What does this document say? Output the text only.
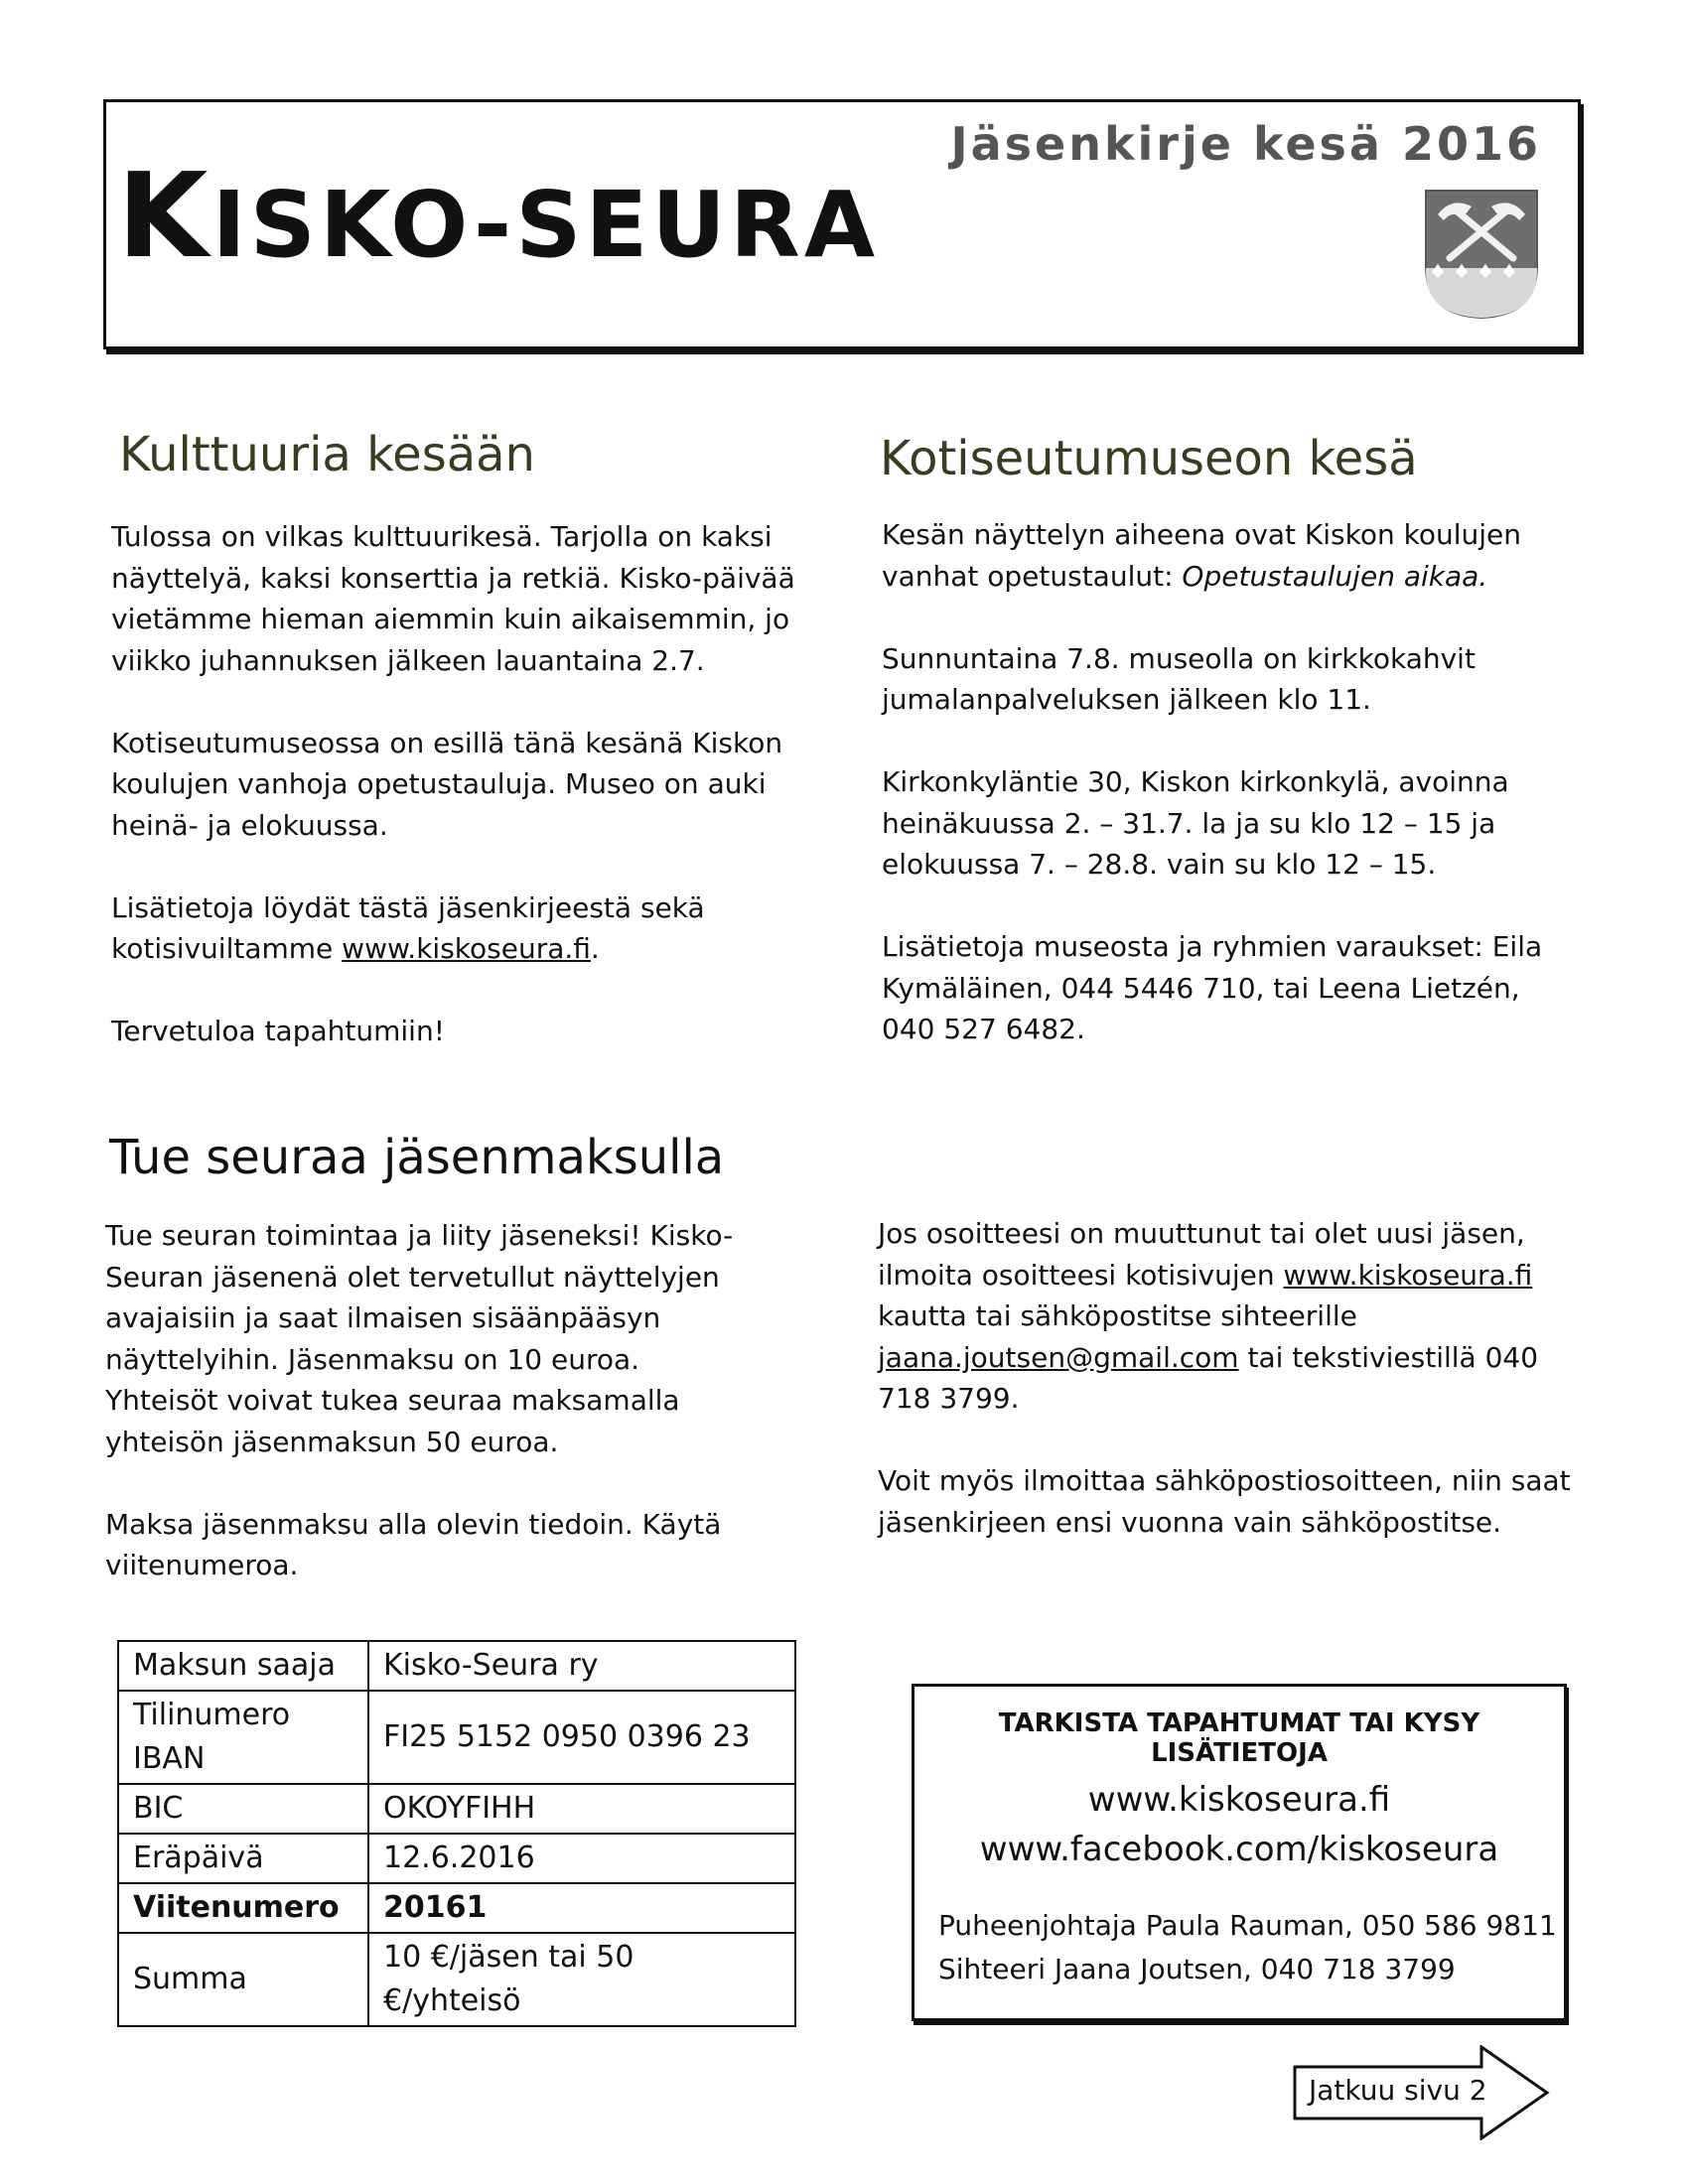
KISKO-SEURA
Jäsenkirje kesä 2016
Kulttuuria kesään

Tulossa on vilkas kulttuurikesä. Tarjolla on kaksi näyttelyä, kaksi konserttia ja retkiä. Kisko-päivää vietämme hieman aiemmin kuin aikaisemmin, jo viikko juhannuksen jälkeen lauantaina 2.7.

Kotiseutumuseossa on esillä tänä kesänä Kiskon koulujen vanhoja opetustauluja. Museo on auki heinä- ja elokuussa.

Lisätietoja löydät tästä jäsenkirjeestä sekä kotisivuiltamme www.kiskoseura.fi.

Tervetuloa tapahtumiin!

Kotiseutumuseon kesä

Kesän näyttelyn aiheena ovat Kiskon koulujen vanhat opetustaulut: Opetustaulujen aikaa.

Sunnuntaina 7.8. museolla on kirkkokahvit jumalanpalveluksen jälkeen klo 11.

Kirkonkyläntie 30, Kiskon kirkonkylä, avoinna heinäkuussa 2. – 31.7. la ja su klo 12 – 15 ja elokuussa 7. – 28.8. vain su klo 12 – 15.

Lisätietoja museosta ja ryhmien varaukset: Eila Kymäläinen, 044 5446 710, tai Leena Lietzén, 040 527 6482.

Tue seuraa jäsenmaksulla

Tue seuran toimintaa ja liity jäseneksi! Kisko-Seuran jäsenenä olet tervetullut näyttelyjen avajaisiin ja saat ilmaisen sisäänpääsyn näyttelyihin. Jäsenmaksu on 10 euroa. Yhteisöt voivat tukea seuraa maksamalla yhteisön jäsenmaksun 50 euroa.

Maksa jäsenmaksu alla olevin tiedoin. Käytä viitenumeroa.

Jos osoitteesi on muuttunut tai olet uusi jäsen, ilmoita osoitteesi kotisivujen www.kiskoseura.fi kautta tai sähköpostitse sihteerille jaana.joutsen@gmail.com tai tekstiviestillä 040 718 3799.

Voit myös ilmoittaa sähköpostiosoitteen, niin saat jäsenkirjeen ensi vuonna vain sähköpostitse.

Maksun saaja	Kisko-Seura ry
Tilinumero IBAN	FI25 5152 0950 0396 23
BIC	OKOYFIHH
Eräpäivä	12.6.2016
Viitenumero	20161
Summa	10 €/jäsen tai 50 €/yhteisö
TARKISTA TAPAHTUMAT TAI KYSY LISÄTIETOJA
www.kiskoseura.fi
www.facebook.com/kiskoseura
Puheenjohtaja Paula Rauman, 050 586 9811
Sihteeri Jaana Joutsen, 040 718 3799
Jatkuu sivu 2
